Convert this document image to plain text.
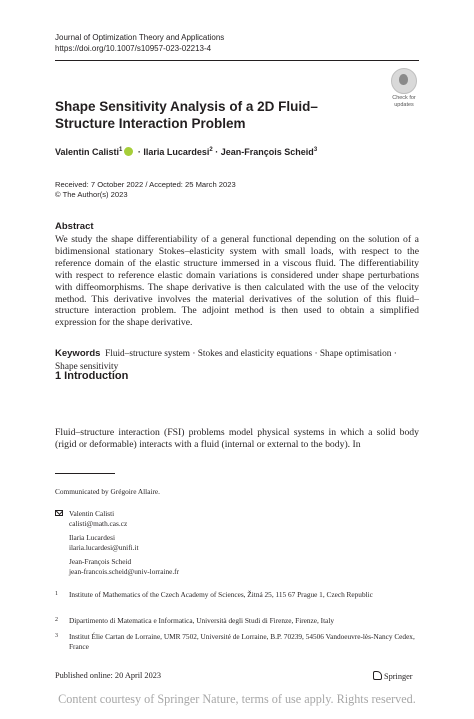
Journal of Optimization Theory and Applications
https://doi.org/10.1007/s10957-023-02213-4
Check for
updates
Shape Sensitivity Analysis of a 2D Fluid–Structure Interaction Problem
Valentin Calisti$^1$ · Ilaria Lucardesi$^2$ · Jean-François Scheid$^3$
Received: 7 October 2022 / Accepted: 25 March 2023
© The Author(s) 2023
Abstract

We study the shape differentiability of a general functional depending on the solution of a bidimensional stationary Stokes–elasticity system with small loads, with respect to the reference domain of the elastic structure immersed in a viscous fluid. The differentiability with respect to reference elastic domain variations is considered under shape perturbations with diffeomorphisms. The shape derivative is then calculated with the use of the velocity method. This derivative involves the material derivatives of the solution of this fluid–structure interaction problem. The adjoint method is then used to obtain a simplified expression for the shape derivative.

Keywords Fluid–structure system · Stokes and elasticity equations · Shape optimisation · Shape sensitivity
1 Introduction

Fluid–structure interaction (FSI) problems model physical systems in which a solid body (rigid or deformable) interacts with a fluid (internal or external to the body). In

Communicated by Grégoire Allaire.
Valentin Calisti
calisti@math.cas.cz
Ilaria Lucardesi
ilaria.lucardesi@unifi.it
Jean-François Scheid
jean-francois.scheid@univ-lorraine.fr
1 Institute of Mathematics of the Czech Academy of Sciences, Žitná 25, 115 67 Prague 1, Czech Republic
2 Dipartimento di Matematica e Informatica, Università degli Studi di Firenze, Firenze, Italy
3 Institut Élie Cartan de Lorraine, UMR 7502, Université de Lorraine, B.P. 70239, 54506 Vandoeuvre-lès-Nancy Cedex, France
Published online: 20 April 2023	Springer
Content courtesy of Springer Nature, terms of use apply. Rights reserved.
